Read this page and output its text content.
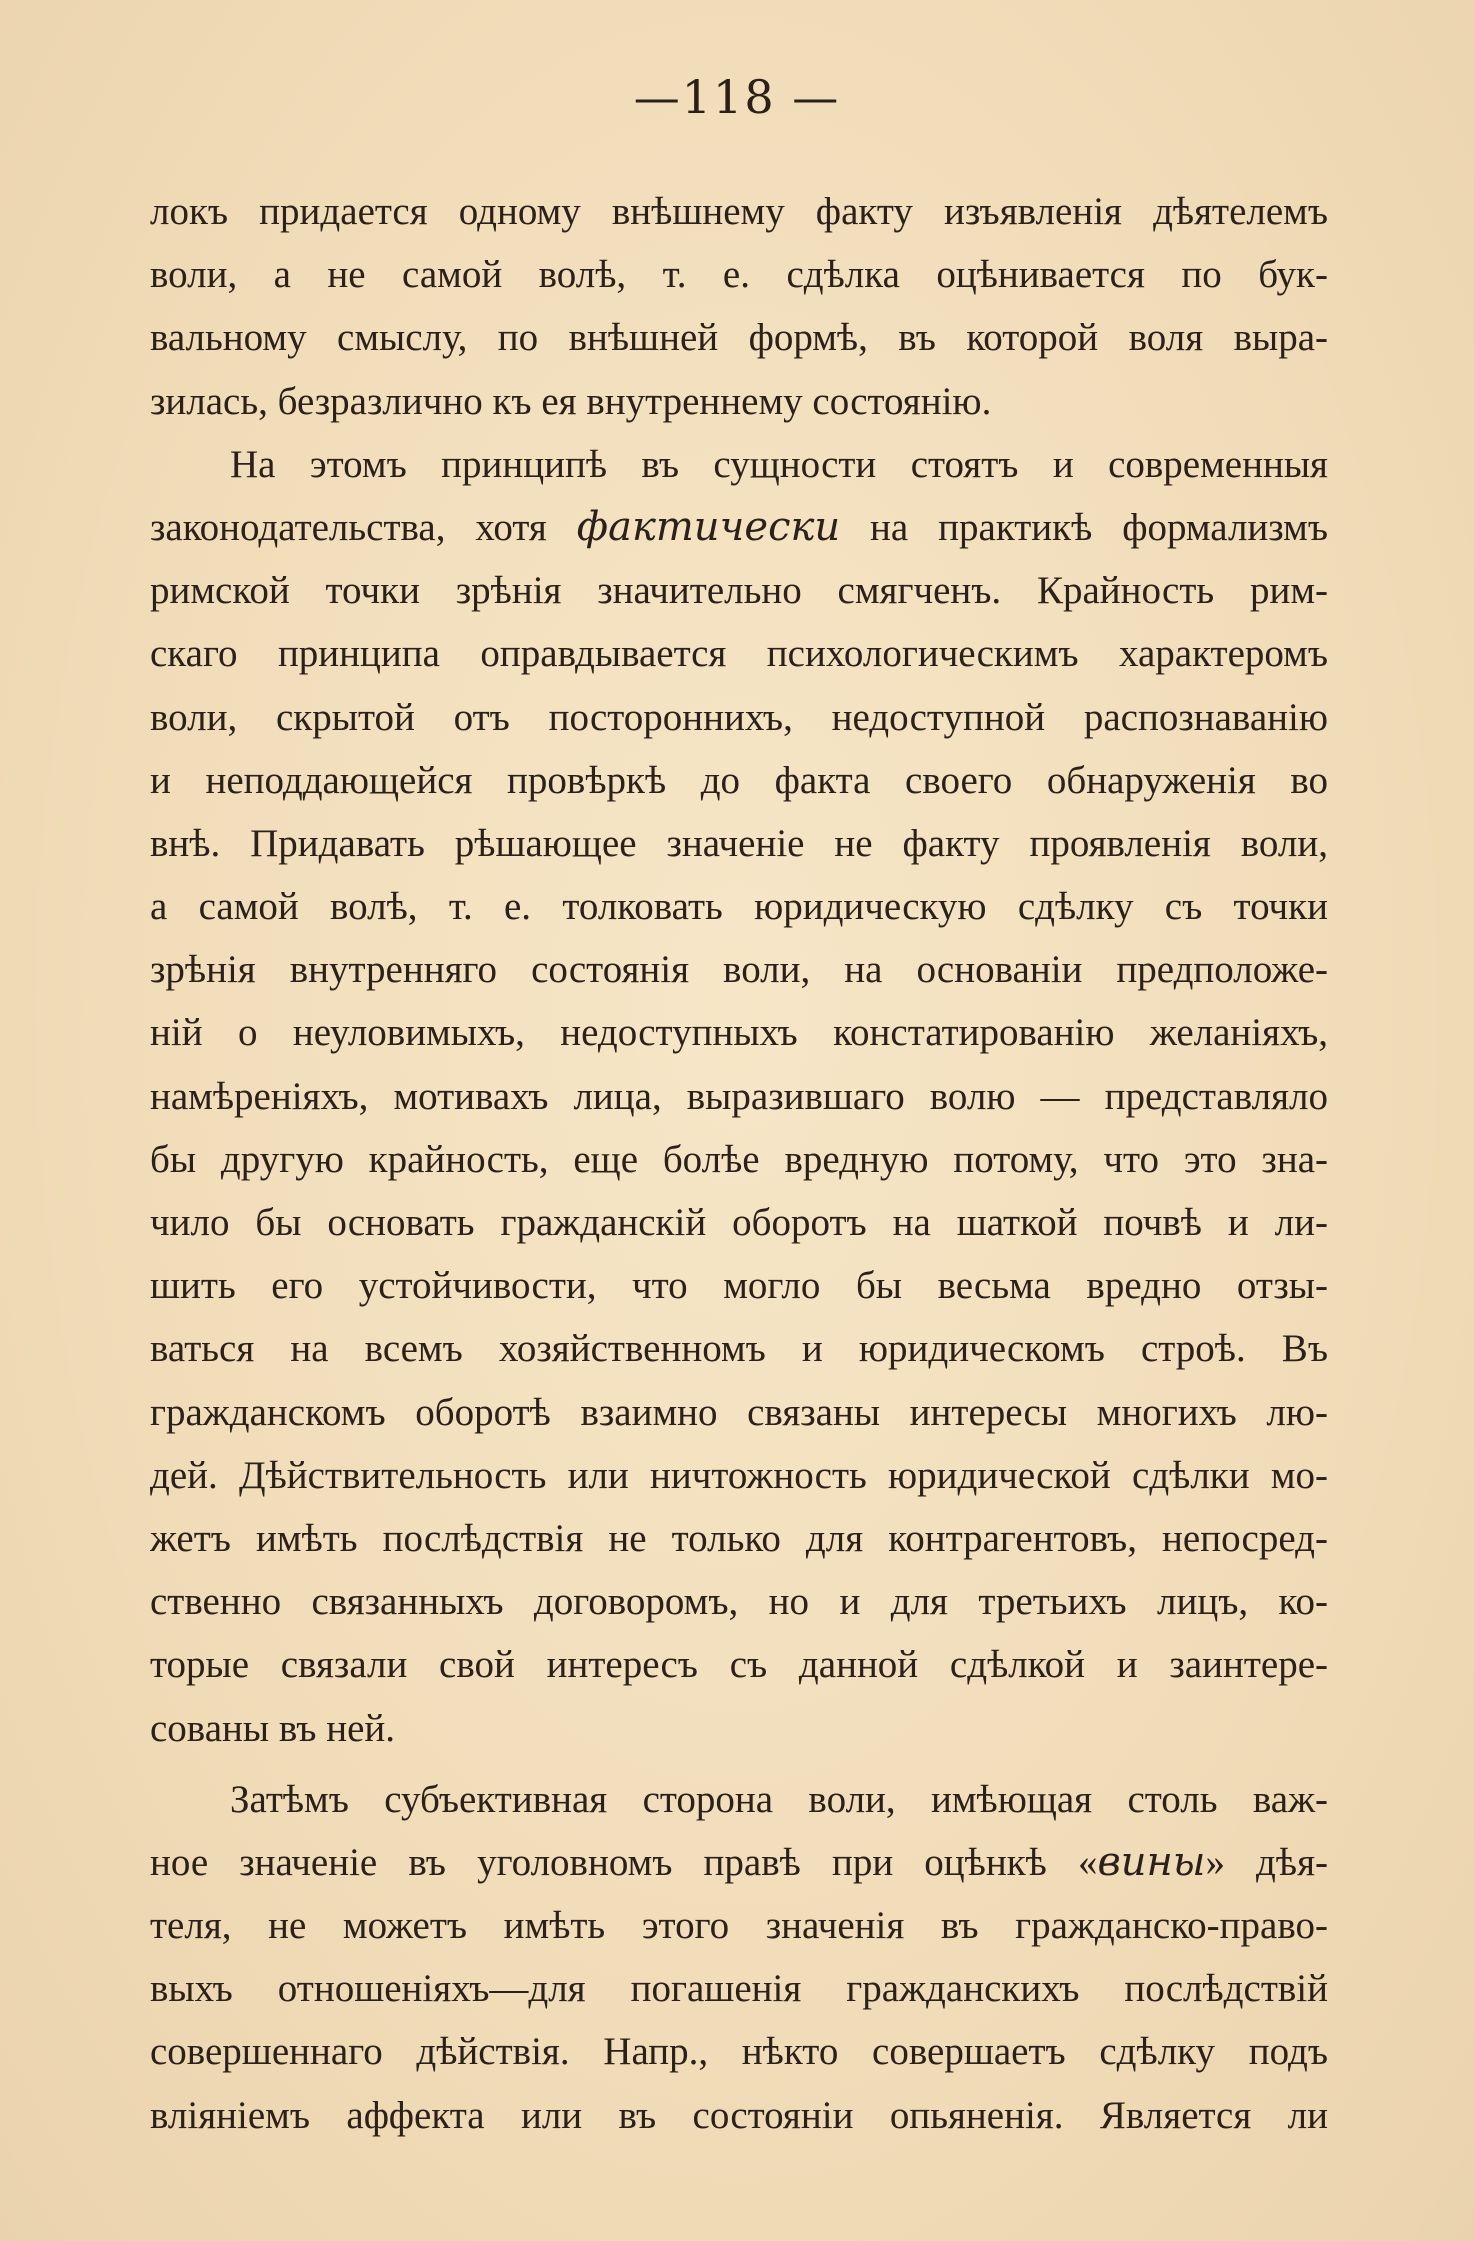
—118 —
локъ придается одному внѣшнему факту изъявленія дѣятелемъ
воли, а не самой волѣ, т. е. сдѣлка оцѣнивается по бук-
вальному смыслу, по внѣшней формѣ, въ которой воля выра-
зилась, безразлично къ ея внутреннему состоянію.
На этомъ принципѣ въ сущности стоятъ и современныя
законодательства, хотя фактически на практикѣ формализмъ
римской точки зрѣнія значительно смягченъ. Крайность рим-
скаго принципа оправдывается психологическимъ характеромъ
воли, скрытой отъ постороннихъ, недоступной распознаванію
и неподдающейся провѣркѣ до факта своего обнаруженія во
внѣ. Придавать рѣшающее значеніе не факту проявленія воли,
а самой волѣ, т. е. толковать юридическую сдѣлку съ точки
зрѣнія внутренняго состоянія воли, на основаніи предположе-
ній о неуловимыхъ, недоступныхъ констатированію желаніяхъ,
намѣреніяхъ, мотивахъ лица, выразившаго волю — представляло
бы другую крайность, еще болѣе вредную потому, что это зна-
чило бы основать гражданскій оборотъ на шаткой почвѣ и ли-
шить его устойчивости, что могло бы весьма вредно отзы-
ваться на всемъ хозяйственномъ и юридическомъ строѣ. Въ
гражданскомъ оборотѣ взаимно связаны интересы многихъ лю-
дей. Дѣйствительность или ничтожность юридической сдѣлки мо-
жетъ имѣть послѣдствія не только для контрагентовъ, непосред-
ственно связанныхъ договоромъ, но и для третьихъ лицъ, ко-
торые связали свой интересъ съ данной сдѣлкой и заинтере-
сованы въ ней.
Затѣмъ субъективная сторона воли, имѣющая столь важ-
ное значеніе въ уголовномъ правѣ при оцѣнкѣ «вины» дѣя-
теля, не можетъ имѣть этого значенія въ гражданско-право-
выхъ отношеніяхъ—для погашенія гражданскихъ послѣдствій
совершеннаго дѣйствія. Напр., нѣкто совершаетъ сдѣлку подъ
вліяніемъ аффекта или въ состояніи опьяненія. Является ли
